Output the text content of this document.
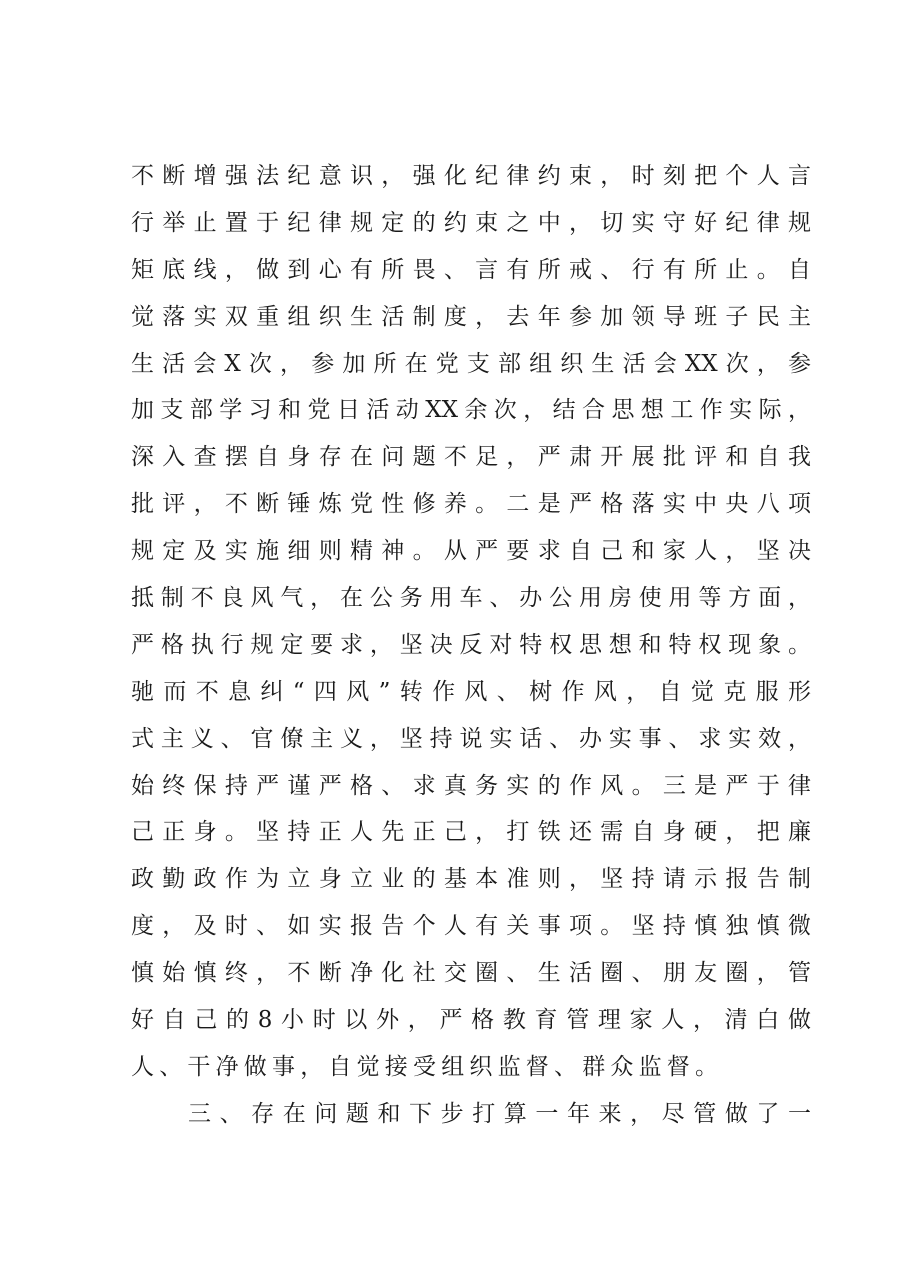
不断增强法纪意识，强化纪律约束，时刻把个人言
行举止置于纪律规定的约束之中，切实守好纪律规
矩底线，做到心有所畏、言有所戒、行有所止。自
觉落实双重组织生活制度，去年参加领导班子民主
生活会X次，参加所在党支部组织生活会XX次，参
加支部学习和党日活动XX余次，结合思想工作实际，
深入查摆自身存在问题不足，严肃开展批评和自我
批评，不断锤炼党性修养。二是严格落实中央八项
规定及实施细则精神。从严要求自己和家人，坚决
抵制不良风气，在公务用车、办公用房使用等方面，
严格执行规定要求，坚决反对特权思想和特权现象。
驰而不息纠“四风”转作风、树作风，自觉克服形
式主义、官僚主义，坚持说实话、办实事、求实效，
始终保持严谨严格、求真务实的作风。三是严于律
己正身。坚持正人先正己，打铁还需自身硬，把廉
政勤政作为立身立业的基本准则，坚持请示报告制
度，及时、如实报告个人有关事项。坚持慎独慎微
慎始慎终，不断净化社交圈、生活圈、朋友圈，管
好自己的8小时以外，严格教育管理家人，清白做
人、干净做事，自觉接受组织监督、群众监督。
三、存在问题和下步打算一年来，尽管做了一
